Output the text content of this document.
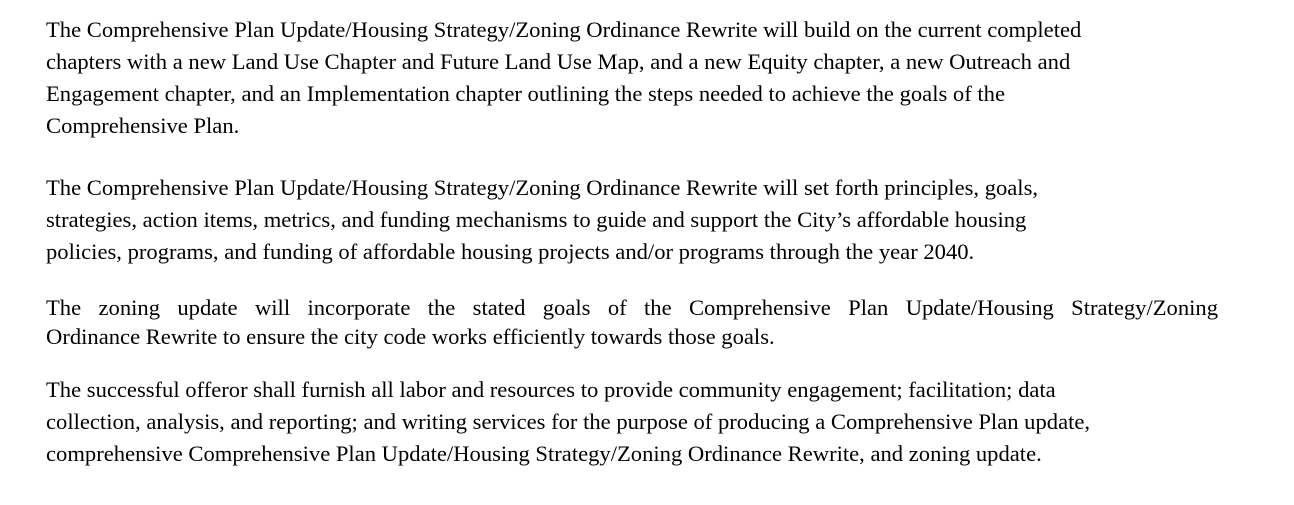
The Comprehensive Plan Update/Housing Strategy/Zoning Ordinance Rewrite will build on the current completed
chapters with a new Land Use Chapter and Future Land Use Map, and a new Equity chapter, a new Outreach and
Engagement chapter, and an Implementation chapter outlining the steps needed to achieve the goals of the
Comprehensive Plan.

The Comprehensive Plan Update/Housing Strategy/Zoning Ordinance Rewrite will set forth principles, goals,
strategies, action items, metrics, and funding mechanisms to guide and support the City’s affordable housing
policies, programs, and funding of affordable housing projects and/or programs through the year 2040.

The zoning update will incorporate the stated goals of the Comprehensive Plan Update/Housing Strategy/Zoning
Ordinance Rewrite to ensure the city code works efficiently towards those goals.

The successful offeror shall furnish all labor and resources to provide community engagement; facilitation; data
collection, analysis, and reporting; and writing services for the purpose of producing a Comprehensive Plan update,
comprehensive Comprehensive Plan Update/Housing Strategy/Zoning Ordinance Rewrite, and zoning update.
